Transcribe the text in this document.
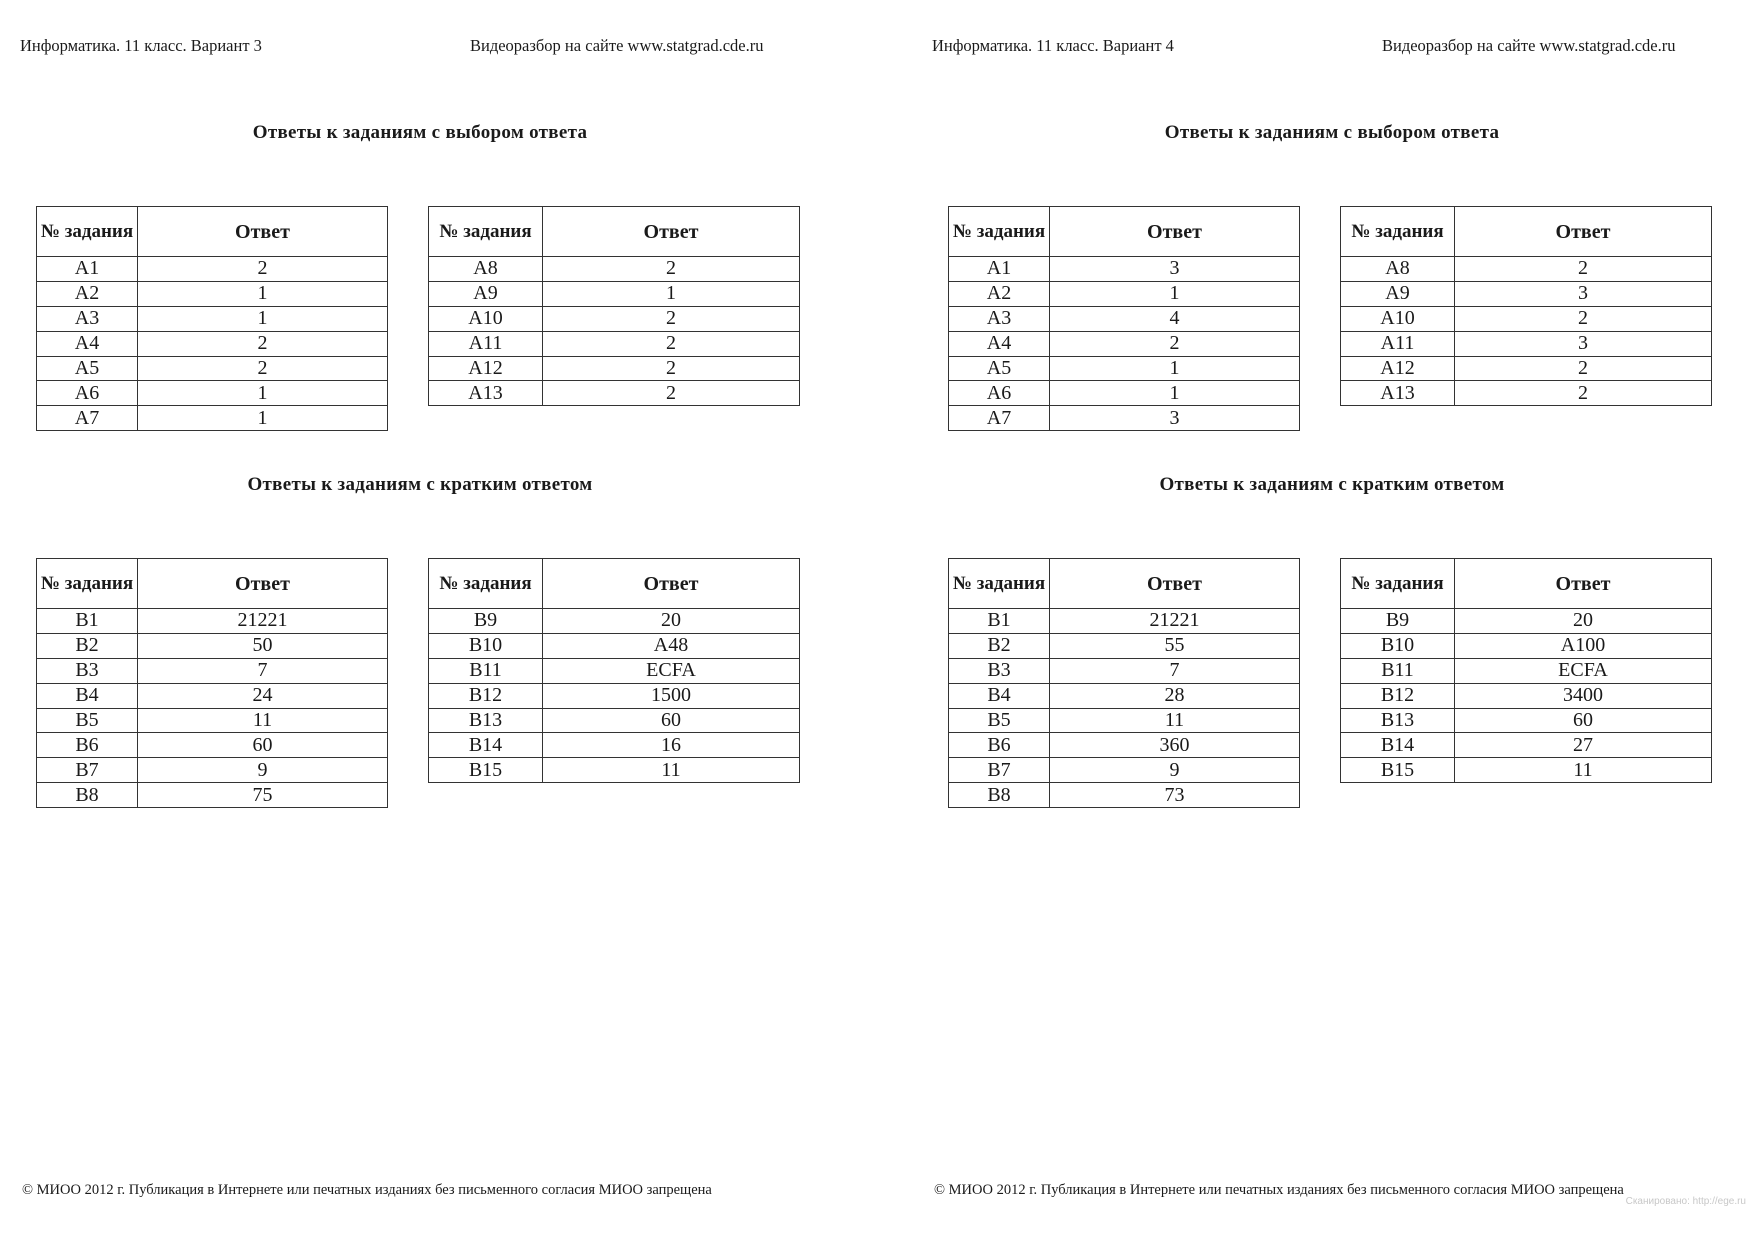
Информатика. 11 класс. Вариант 3	Видеоразбор на сайте www.statgrad.cde.ru
Ответы к заданиям с выбором ответа
№ задания	Ответ
A1	2
A2	1
A3	1
A4	2
A5	2
A6	1
A7	1
№ задания	Ответ
A8	2
A9	1
A10	2
A11	2
A12	2
A13	2
Ответы к заданиям с кратким ответом
№ задания	Ответ
B1	21221
B2	50
B3	7
B4	24
B5	11
B6	60
B7	9
B8	75
№ задания	Ответ
B9	20
B10	A48
B11	ECFA
B12	1500
B13	60
B14	16
B15	11
© МИОО 2012 г. Публикация в Интернете или печатных изданиях без письменного согласия МИОО запрещена
Информатика. 11 класс. Вариант 4	Видеоразбор на сайте www.statgrad.cde.ru
Ответы к заданиям с выбором ответа
№ задания	Ответ
A1	3
A2	1
A3	4
A4	2
A5	1
A6	1
A7	3
№ задания	Ответ
A8	2
A9	3
A10	2
A11	3
A12	2
A13	2
Ответы к заданиям с кратким ответом
№ задания	Ответ
B1	21221
B2	55
B3	7
B4	28
B5	11
B6	360
B7	9
B8	73
№ задания	Ответ
B9	20
B10	A100
B11	ECFA
B12	3400
B13	60
B14	27
B15	11
© МИОО 2012 г. Публикация в Интернете или печатных изданиях без письменного согласия МИОО запрещена
Сканировано: http://ege.ru
